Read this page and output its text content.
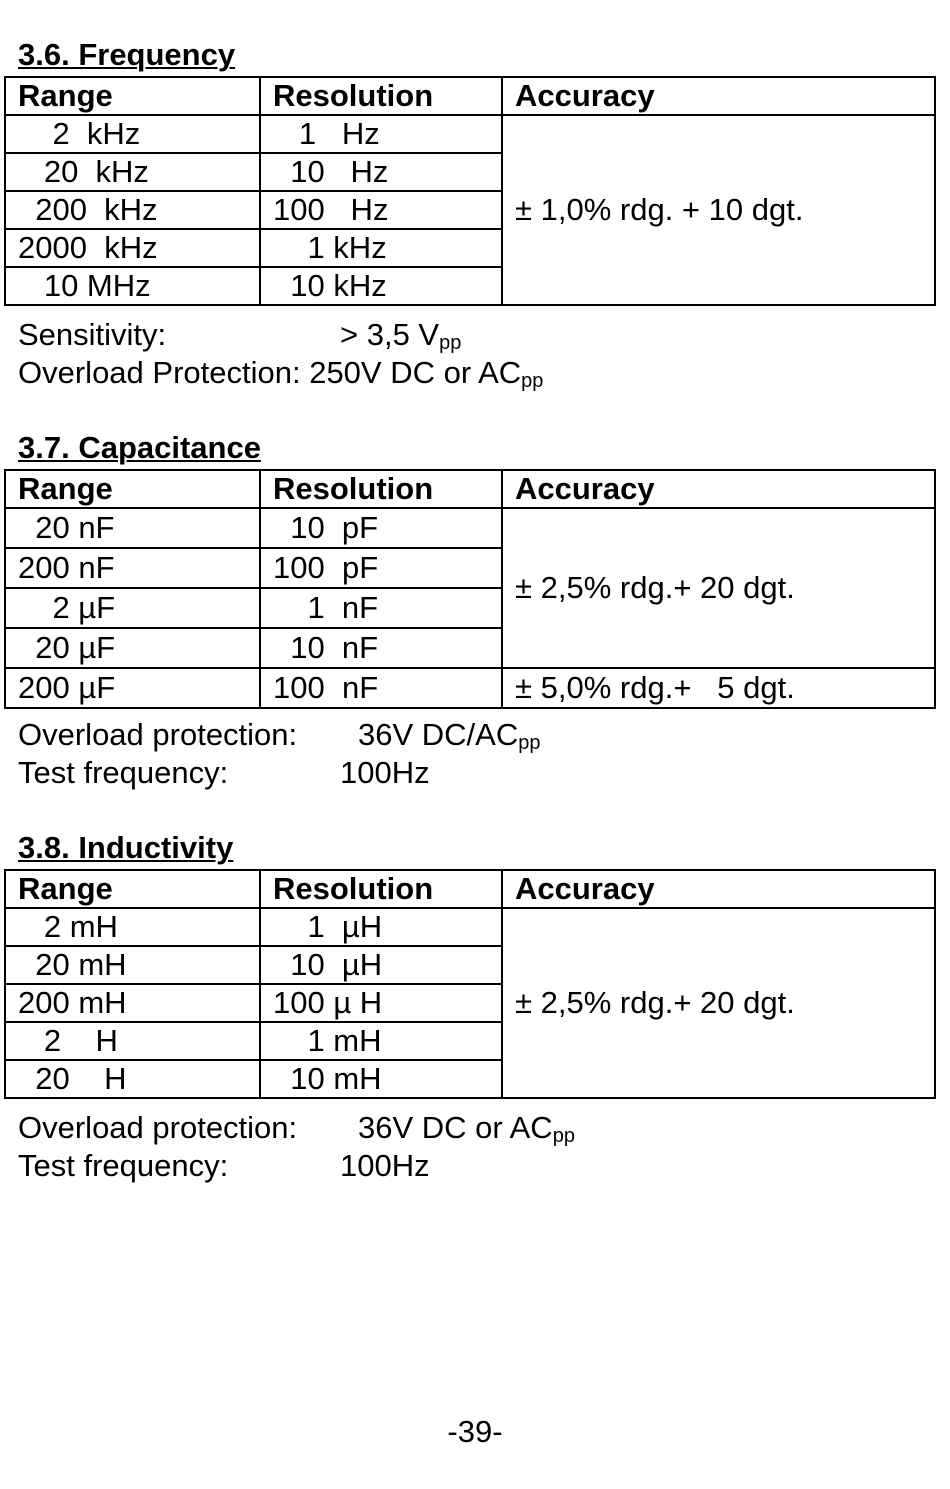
3.6. Frequency
Range	Resolution	Accuracy
2  kHz	1   Hz	± 1,0% rdg. + 10 dgt.
20  kHz	10   Hz	
200  kHz	100   Hz	
2000  kHz	1 kHz	
10 MHz	10 kHz	
Sensitivity:	> 3,5 $V_{pp}$
Overload Protection: 250V DC or $AC_{pp}$
3.7. Capacitance
Range	Resolution	Accuracy
20 nF	10  pF	± 2,5% rdg.+ 20 dgt.
200 nF	100  pF	
2 µF	1  nF	
20 µF	10  nF	
200 µF	100  nF	± 5,0% rdg.+   5 dgt.
Overload protection: 36V $DC/AC_{pp}$
Test frequency:	100Hz
3.8. Inductivity
Range	Resolution	Accuracy
2 mH	1  µH	± 2,5% rdg.+ 20 dgt.
20 mH	10  µH	
200 mH	100 µ H	
2    H	1 mH	
20    H	10 mH	
Overload protection: 36V DC or $AC_{pp}$
Test frequency:	100Hz
-39-
